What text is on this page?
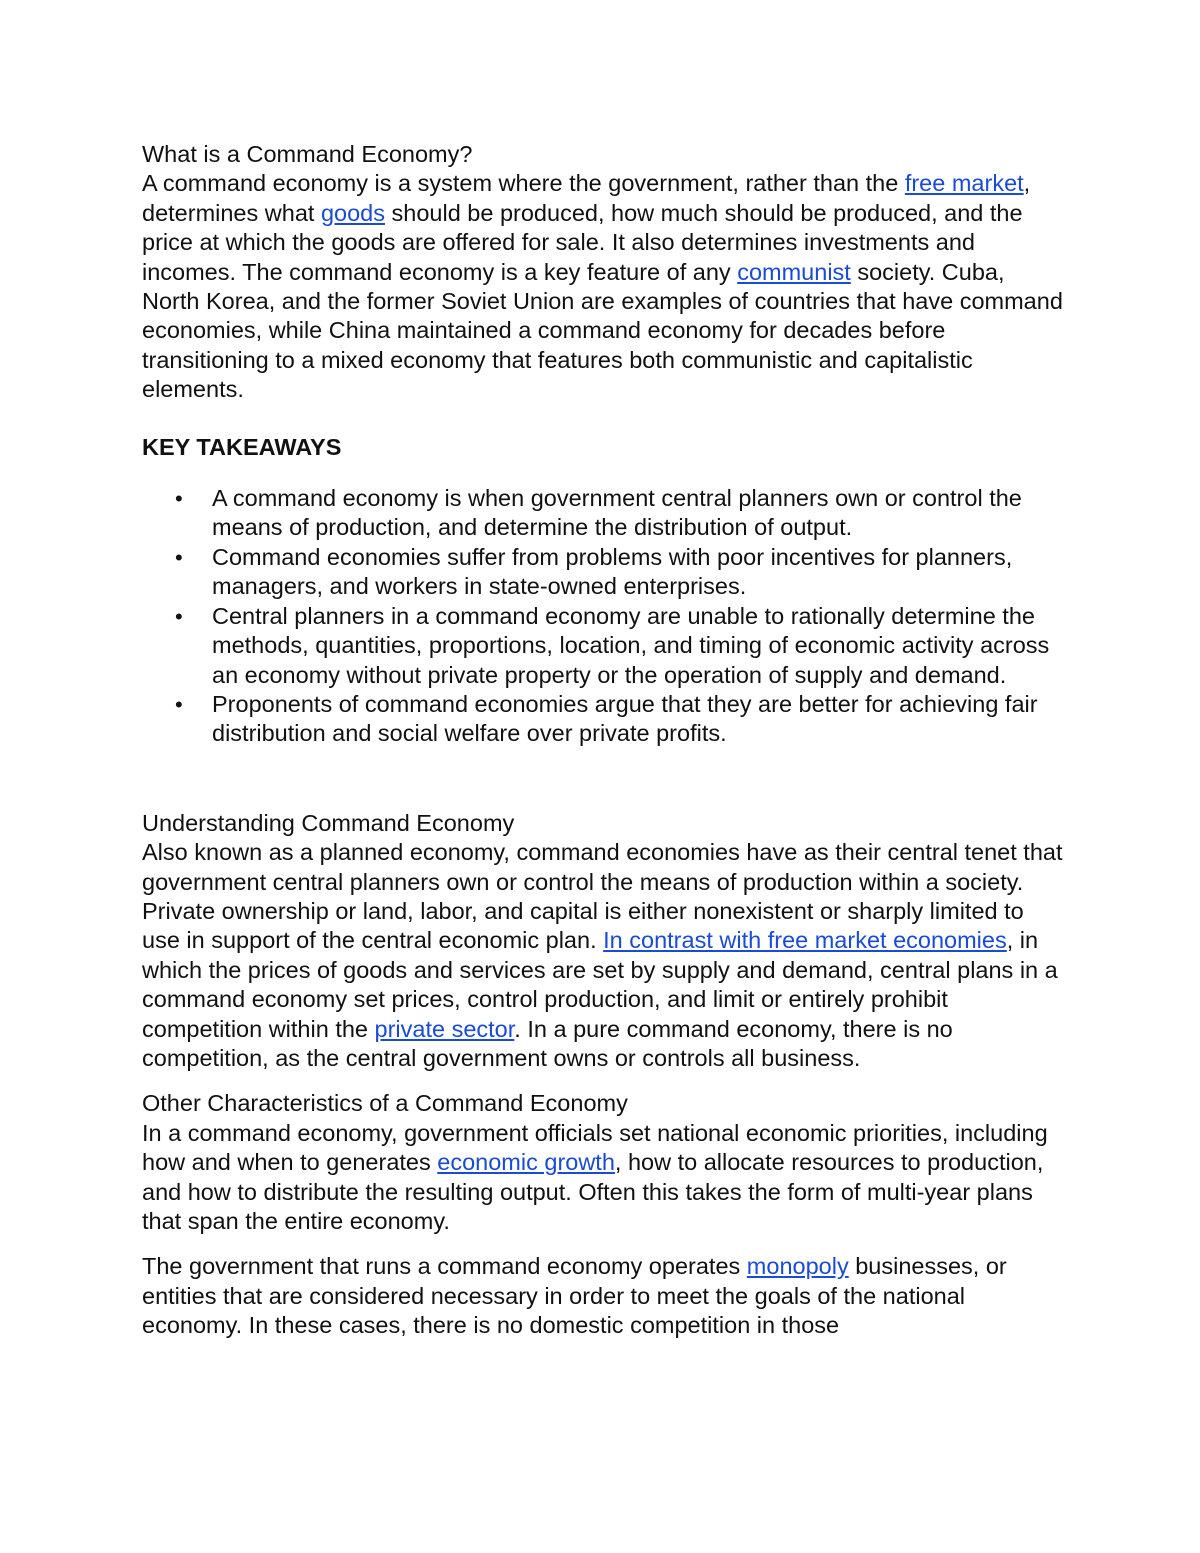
What is a Command Economy?

A command economy is a system where the government, rather than the free market, determines what goods should be produced, how much should be produced, and the price at which the goods are offered for sale. It also determines investments and incomes. The command economy is a key feature of any communist society. Cuba, North Korea, and the former Soviet Union are examples of countries that have command economies, while China maintained a command economy for decades before transitioning to a mixed economy that features both communistic and capitalistic elements.

KEY TAKEAWAYS

• A command economy is when government central planners own or control the means of production, and determine the distribution of output.
• Command economies suffer from problems with poor incentives for planners, managers, and workers in state-owned enterprises.
• Central planners in a command economy are unable to rationally determine the methods, quantities, proportions, location, and timing of economic activity across an economy without private property or the operation of supply and demand.
• Proponents of command economies argue that they are better for achieving fair distribution and social welfare over private profits.

Understanding Command Economy

Also known as a planned economy, command economies have as their central tenet that government central planners own or control the means of production within a society. Private ownership or land, labor, and capital is either nonexistent or sharply limited to use in support of the central economic plan. In contrast with free market economies, in which the prices of goods and services are set by supply and demand, central plans in a command economy set prices, control production, and limit or entirely prohibit competition within the private sector. In a pure command economy, there is no competition, as the central government owns or controls all business.

Other Characteristics of a Command Economy

In a command economy, government officials set national economic priorities, including how and when to generates economic growth, how to allocate resources to production, and how to distribute the resulting output. Often this takes the form of multi-year plans that span the entire economy.

The government that runs a command economy operates monopoly businesses, or entities that are considered necessary in order to meet the goals of the national economy. In these cases, there is no domestic competition in those
